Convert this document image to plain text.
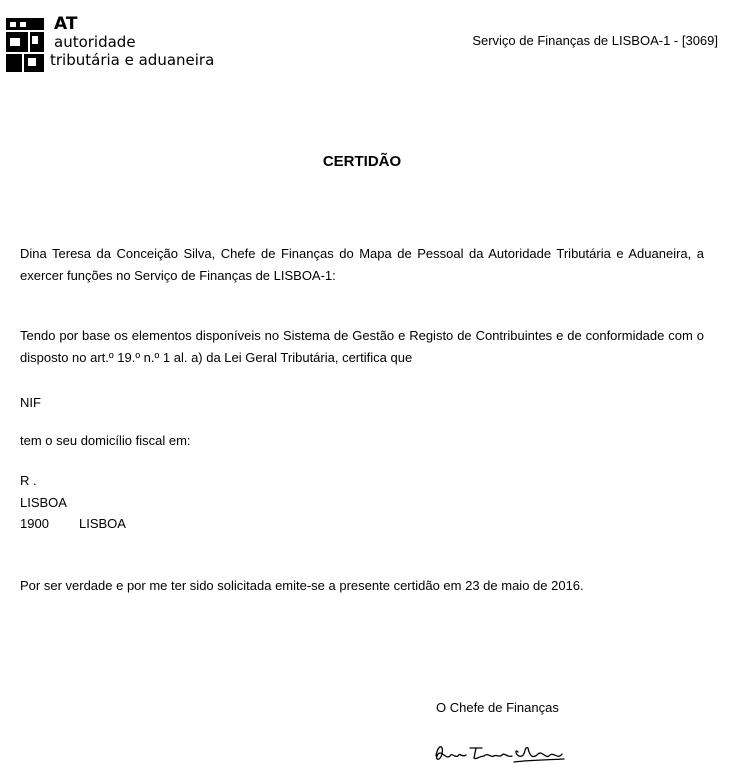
AT
autoridade
tributária e aduaneira
Serviço de Finanças de LISBOA-1 - [3069]
CERTIDÃO
Dina Teresa da Conceição Silva, Chefe de Finanças do Mapa de Pessoal da Autoridade Tributária e Aduaneira, a exercer funções no Serviço de Finanças de LISBOA-1:
Tendo por base os elementos disponíveis no Sistema de Gestão e Registo de Contribuintes e de conformidade com o disposto no art.º 19.º n.º 1 al. a) da Lei Geral Tributária, certifica que
NIF
tem o seu domicílio fiscal em:
R .
LISBOA
1900 LISBOA
Por ser verdade e por me ter sido solicitada emite-se a presente certidão em 23 de maio de 2016.
O Chefe de Finanças
